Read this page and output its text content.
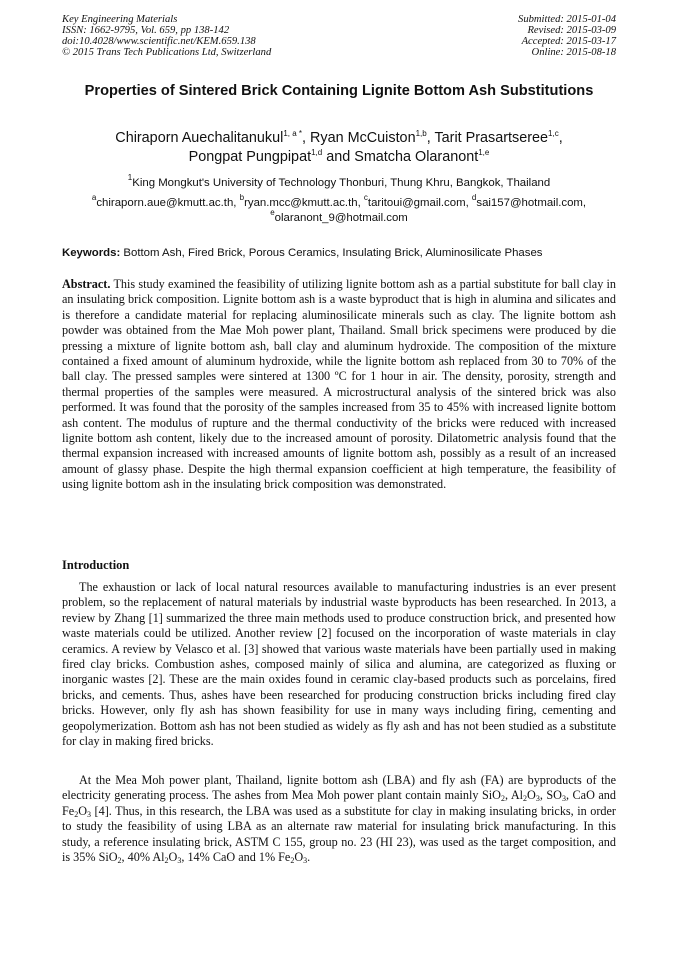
Key Engineering Materials
ISSN: 1662-9795, Vol. 659, pp 138-142
doi:10.4028/www.scientific.net/KEM.659.138
© 2015 Trans Tech Publications Ltd, Switzerland
Submitted: 2015-01-04
Revised: 2015-03-09
Accepted: 2015-03-17
Online: 2015-08-18
Properties of Sintered Brick Containing Lignite Bottom Ash Substitutions
Chiraporn Auechalitanukul$^{1, a *}$, Ryan McCuiston$^{1,b}$, Tarit Prasartseree$^{1,c}$,
Pongpat Pungpipat$^{1,d}$ and Smatcha Olaranont$^{1,e}$
$^1$King Mongkut's University of Technology Thonburi, Thung Khru, Bangkok, Thailand
$^a$chiraporn.aue@kmutt.ac.th, $^b$ryan.mcc@kmutt.ac.th, $^c$taritoui@gmail.com, $^d$sai157@hotmail.com,
$^e$olaranont_9@hotmail.com
Keywords: Bottom Ash, Fired Brick, Porous Ceramics, Insulating Brick, Aluminosilicate Phases

Abstract. This study examined the feasibility of utilizing lignite bottom ash as a partial substitute for ball clay in an insulating brick composition. Lignite bottom ash is a waste byproduct that is high in alumina and silicates and is therefore a candidate material for replacing aluminosilicate minerals such as clay. The lignite bottom ash powder was obtained from the Mae Moh power plant, Thailand. Small brick specimens were produced by die pressing a mixture of lignite bottom ash, ball clay and aluminum hydroxide. The composition of the mixture contained a fixed amount of aluminum hydroxide, while the lignite bottom ash replaced from 30 to 70% of the ball clay. The pressed samples were sintered at 1300 ºC for 1 hour in air. The density, porosity, strength and thermal properties of the samples were measured. A microstructural analysis of the sintered brick was also performed. It was found that the porosity of the samples increased from 35 to 45% with increased lignite bottom ash content. The modulus of rupture and the thermal conductivity of the bricks were reduced with increased lignite bottom ash content, likely due to the increased amount of porosity. Dilatometric analysis found that the thermal expansion increased with increased amounts of lignite bottom ash, possibly as a result of an increased amount of glassy phase. Despite the high thermal expansion coefficient at high temperature, the feasibility of using lignite bottom ash in the insulating brick composition was demonstrated.

Introduction

The exhaustion or lack of local natural resources available to manufacturing industries is an ever present problem, so the replacement of natural materials by industrial waste byproducts has been researched. In 2013, a review by Zhang [1] summarized the three main methods used to produce construction brick, and presented how waste materials could be utilized. Another review [2] focused on the incorporation of waste materials in clay ceramics. A review by Velasco et al. [3] showed that various waste materials have been partially used in making fired clay bricks. Combustion ashes, composed mainly of silica and alumina, are categorized as fluxing or inorganic wastes [2]. These are the main oxides found in ceramic clay-based products such as porcelains, fired bricks, and cements. Thus, ashes have been researched for producing construction bricks including fired clay bricks. However, only fly ash has shown feasibility for use in many ways including firing, cementing and geopolymerization. Bottom ash has not been studied as widely as fly ash and has not been studied as a substitute for clay in making fired bricks.

At the Mea Moh power plant, Thailand, lignite bottom ash (LBA) and fly ash (FA) are byproducts of the electricity generating process. The ashes from Mea Moh power plant contain mainly SiO$_2$, $Al_2O_3$, $SO_3$, CaO and $Fe_2O_3$ [4]. Thus, in this research, the LBA was used as a substitute for clay in making insulating bricks, in order to study the feasibility of using LBA as an alternate raw material for insulating brick manufacturing. In this study, a reference insulating brick, ASTM C 155, group no. 23 (HI 23), was used as the target composition, and is 35% SiO$_2$, 40% $Al_2O_3$, 14% CaO and 1% $Fe_2O_3$.
